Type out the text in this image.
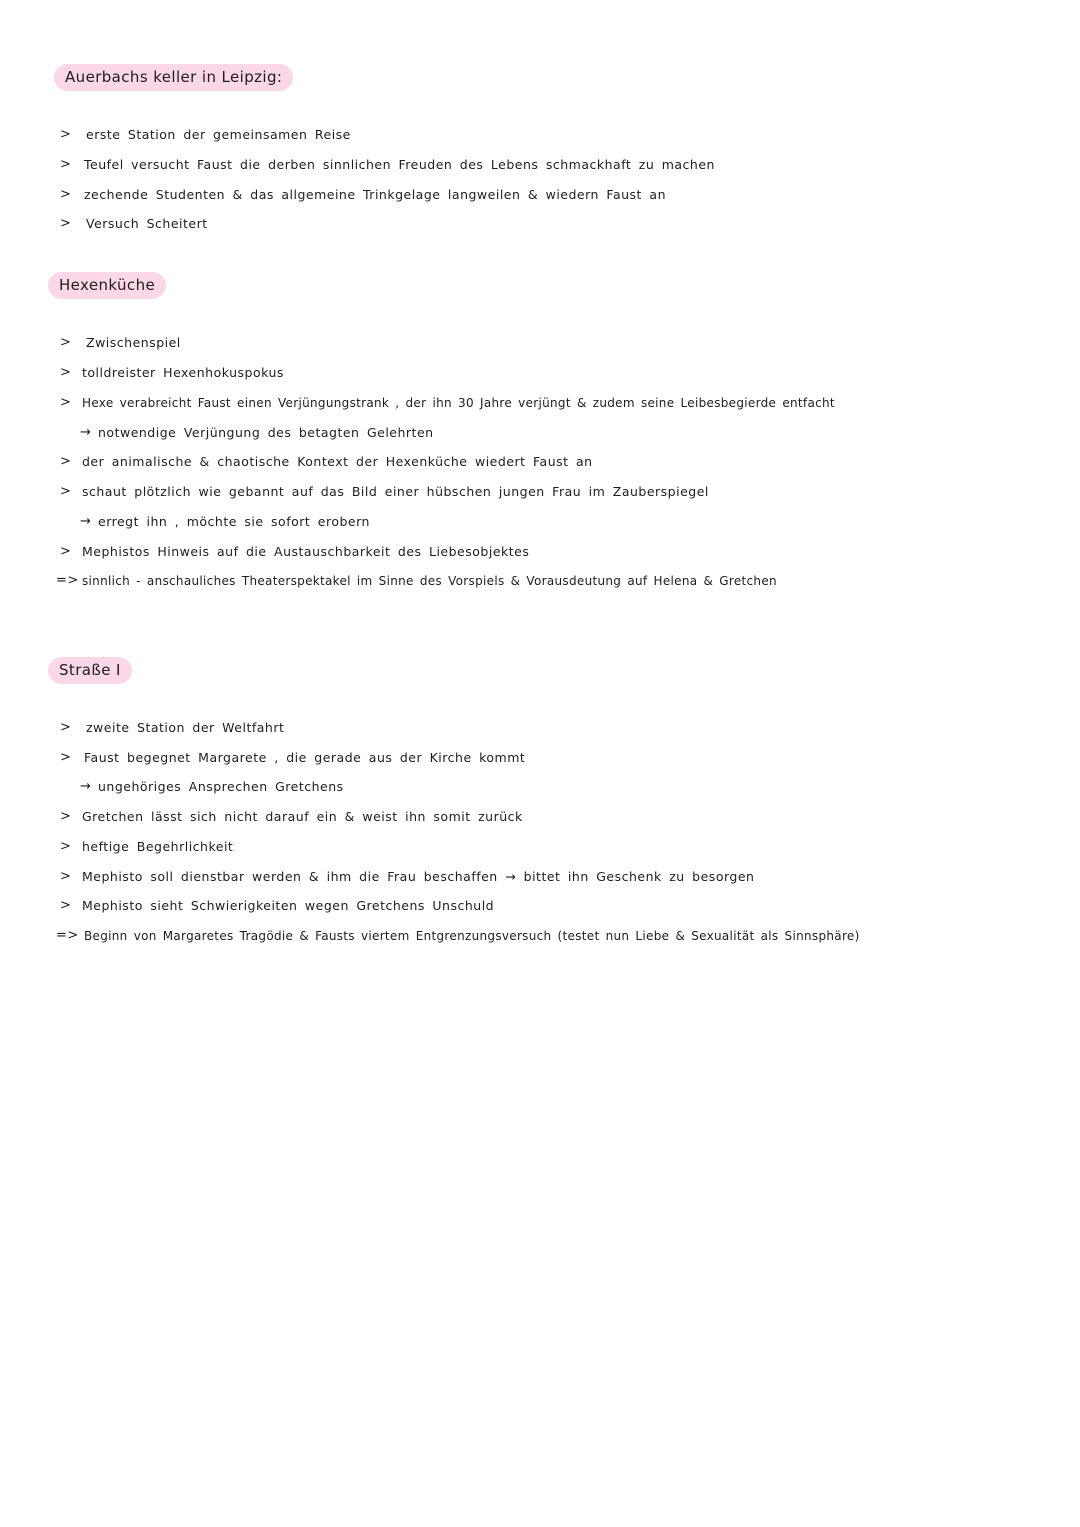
Auerbachs keller in Leipzig:
> erste Station der gemeinsamen Reise
> Teufel versucht Faust die derben sinnlichen Freuden des Lebens schmackhaft zu machen
> zechende Studenten & das allgemeine Trinkgelage langweilen & wiedern Faust an
> Versuch Scheitert
Hexenküche
> Zwischenspiel
> tolldreister Hexenhokuspokus
> Hexe verabreicht Faust einen Verjüngungstrank , der ihn 30 Jahre verjüngt & zudem seine Leibesbegierde entfacht
→ notwendige Verjüngung des betagten Gelehrten
> der animalische & chaotische Kontext der Hexenküche wiedert Faust an
> schaut plötzlich wie gebannt auf das Bild einer hübschen jungen Frau im Zauberspiegel
→ erregt ihn , möchte sie sofort erobern
> Mephistos Hinweis auf die Austauschbarkeit des Liebesobjektes
=> sinnlich - anschauliches Theaterspektakel im Sinne des Vorspiels & Vorausdeutung auf Helena & Gretchen
Straße I
> zweite Station der Weltfahrt
> Faust begegnet Margarete , die gerade aus der Kirche kommt
→ ungehöriges Ansprechen Gretchens
> Gretchen lässt sich nicht darauf ein & weist ihn somit zurück
> heftige Begehrlichkeit
> Mephisto soll dienstbar werden & ihm die Frau beschaffen → bittet ihn Geschenk zu besorgen
> Mephisto sieht Schwierigkeiten wegen Gretchens Unschuld
=> Beginn von Margaretes Tragödie & Fausts viertem Entgrenzungsversuch (testet nun Liebe & Sexualität als Sinnsphäre)
